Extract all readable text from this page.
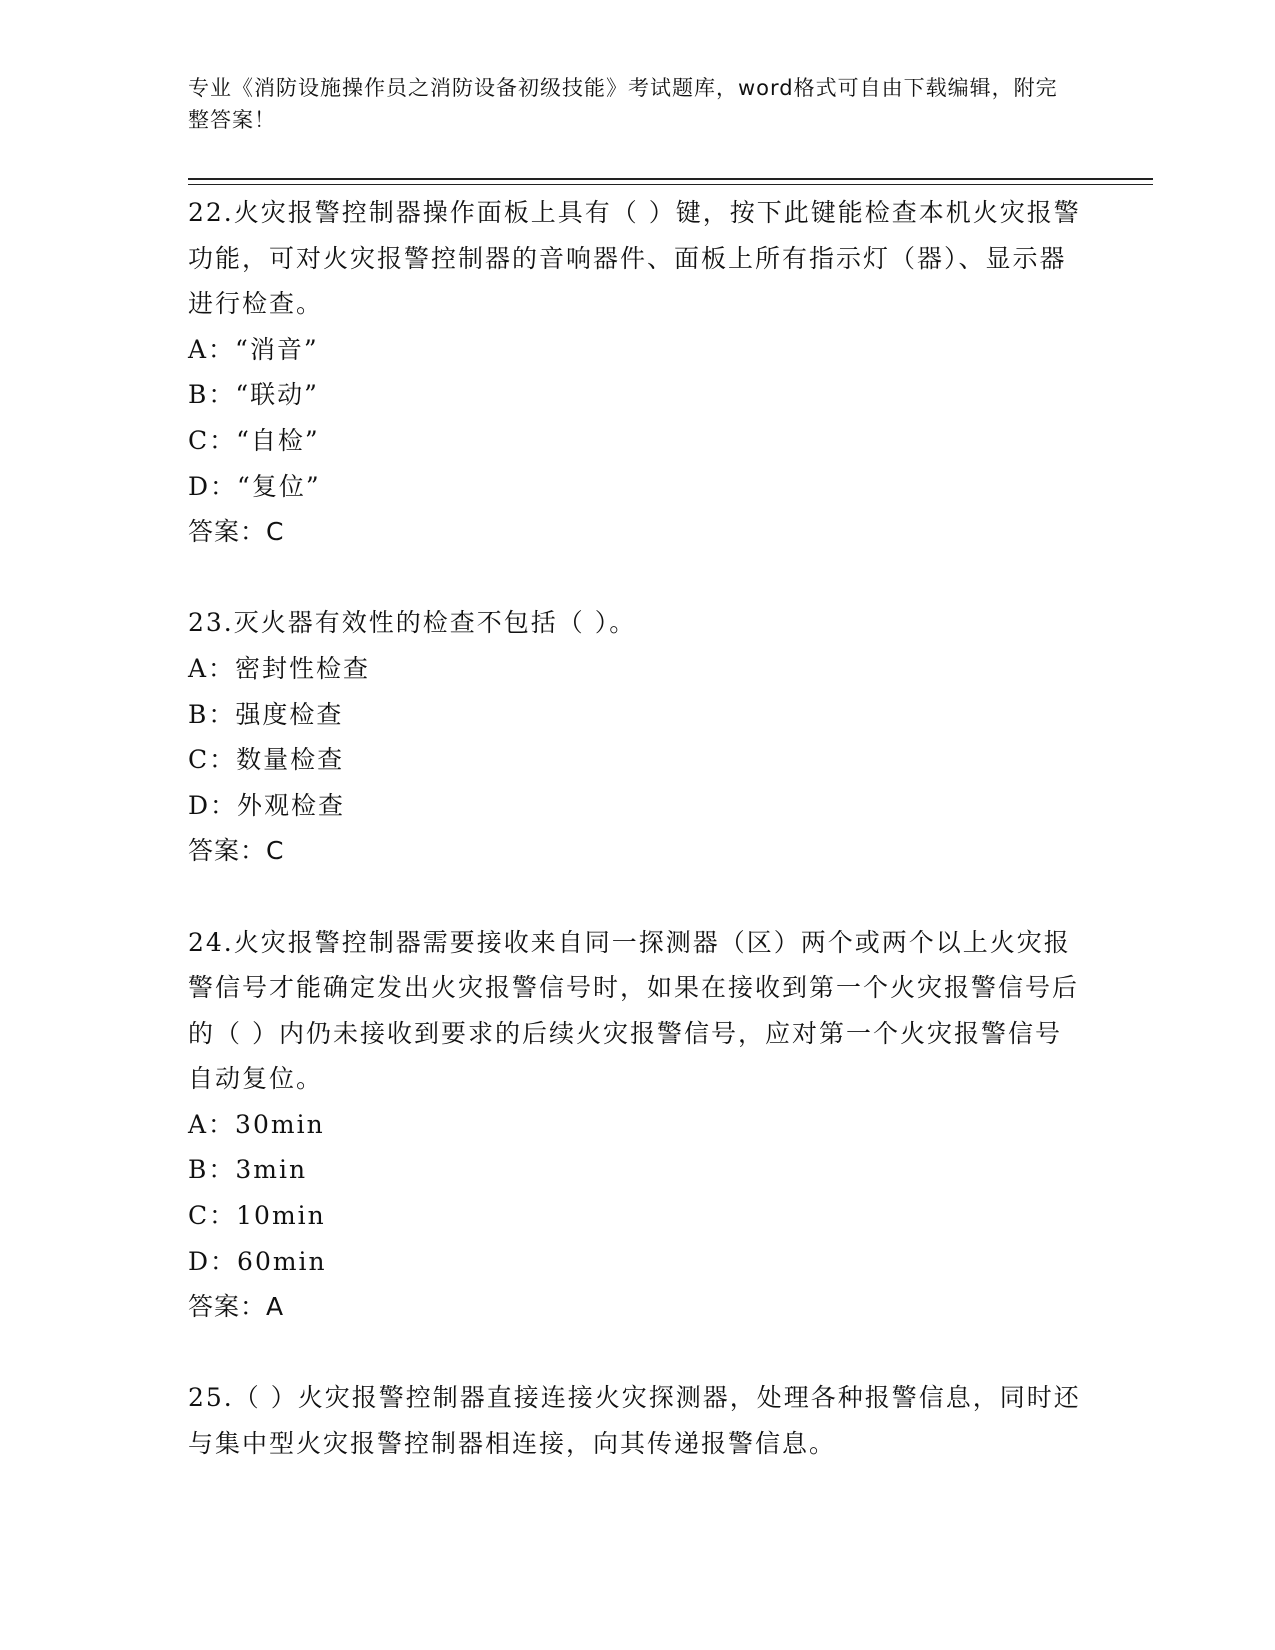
专业《消防设施操作员之消防设备初级技能》考试题库，word格式可自由下载编辑，附完整答案！

22.火灾报警控制器操作面板上具有（ ）键，按下此键能检查本机火灾报警功能，可对火灾报警控制器的音响器件、面板上所有指示灯（器）、显示器进行检查。

A：“消音”

B：“联动”

C：“自检”

D：“复位”

答案：C

23.灭火器有效性的检查不包括（ ）。

A：密封性检查

B：强度检查

C：数量检查

D：外观检查

答案：C

24.火灾报警控制器需要接收来自同一探测器（区）两个或两个以上火灾报警信号才能确定发出火灾报警信号时，如果在接收到第一个火灾报警信号后的（ ）内仍未接收到要求的后续火灾报警信号，应对第一个火灾报警信号自动复位。

A：30min

B：3min

C：10min

D：60min

答案：A

25.（ ）火灾报警控制器直接连接火灾探测器，处理各种报警信息，同时还与集中型火灾报警控制器相连接，向其传递报警信息。
